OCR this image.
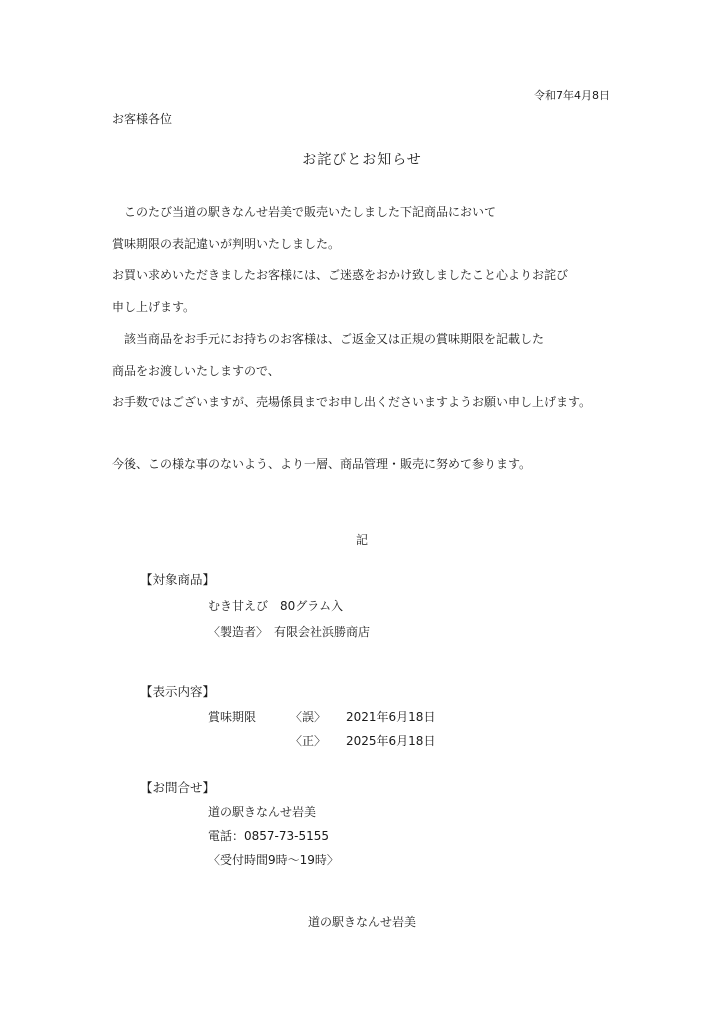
令和7年4月8日
お客様各位
お詫びとお知らせ
　このたび当道の駅きなんせ岩美で販売いたしました下記商品において
賞味期限の表記違いが判明いたしました。
お買い求めいただきましたお客様には、ご迷惑をおかけ致しましたこと心よりお詫び
申し上げます。
　該当商品をお手元にお持ちのお客様は、ご返金又は正規の賞味期限を記載した
商品をお渡しいたしますので、
お手数ではございますが、売場係員までお申し出くださいますようお願い申し上げます。
今後、この様な事のないよう、より一層、商品管理・販売に努めて参ります。
記
【対象商品】
むき甘えび　80グラム入
〈製造者〉　有限会社浜勝商店
【表示内容】
賞味期限	〈誤〉 2021年6月18日
〈正〉 2025年6月18日
【お問合せ】
道の駅きなんせ岩美
電話：0857-73-5155
〈受付時間9時～19時〉
道の駅きなんせ岩美
